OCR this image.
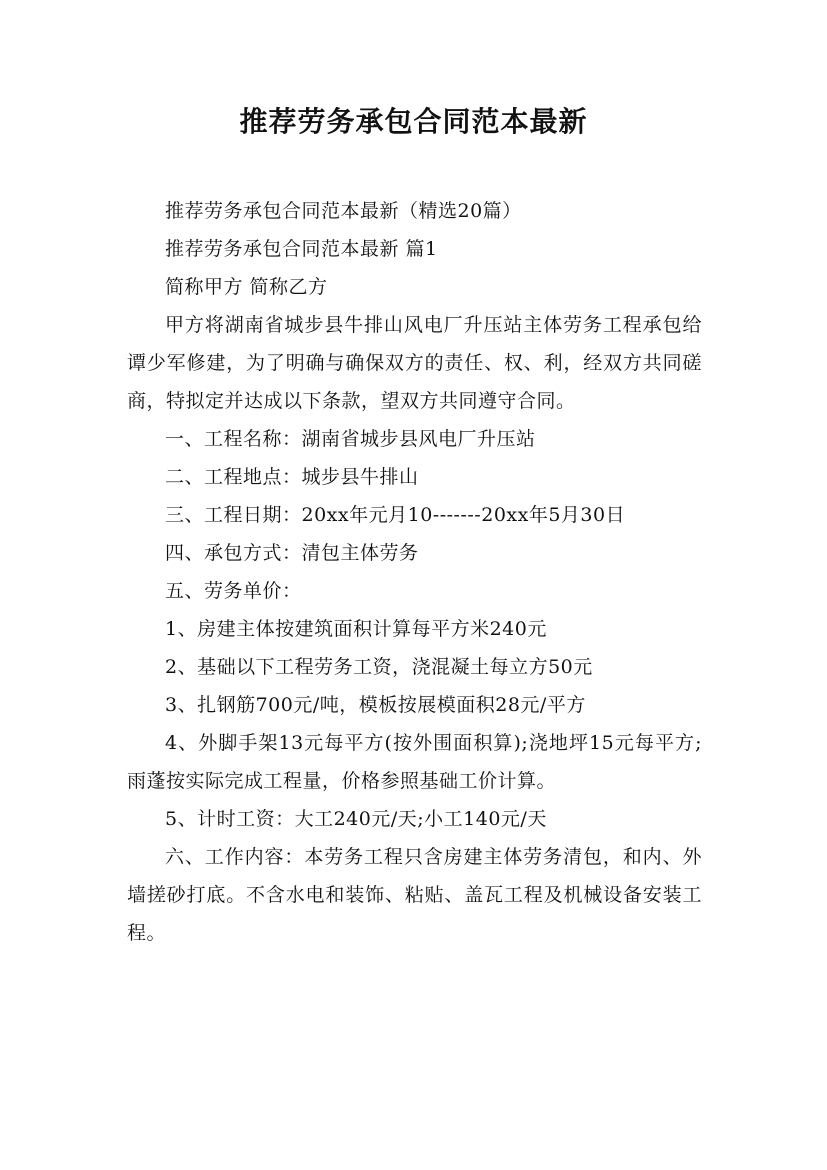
推荐劳务承包合同范本最新

推荐劳务承包合同范本最新（精选20篇）

推荐劳务承包合同范本最新 篇1

简称甲方 简称乙方

甲方将湖南省城步县牛排山风电厂升压站主体劳务工程承包给谭少军修建，为了明确与确保双方的责任、权、利，经双方共同磋商，特拟定并达成以下条款，望双方共同遵守合同。

一、工程名称：湖南省城步县风电厂升压站

二、工程地点：城步县牛排山

三、工程日期：20xx年元月10-------20xx年5月30日

四、承包方式：清包主体劳务

五、劳务单价：

1、房建主体按建筑面积计算每平方米240元

2、基础以下工程劳务工资，浇混凝土每立方50元

3、扎钢筋700元/吨，模板按展模面积28元/平方

4、外脚手架13元每平方(按外围面积算);浇地坪15元每平方;雨蓬按实际完成工程量，价格参照基础工价计算。

5、计时工资：大工240元/天;小工140元/天

六、工作内容：本劳务工程只含房建主体劳务清包，和内、外墙搓砂打底。不含水电和装饰、粘贴、盖瓦工程及机械设备安装工程。
